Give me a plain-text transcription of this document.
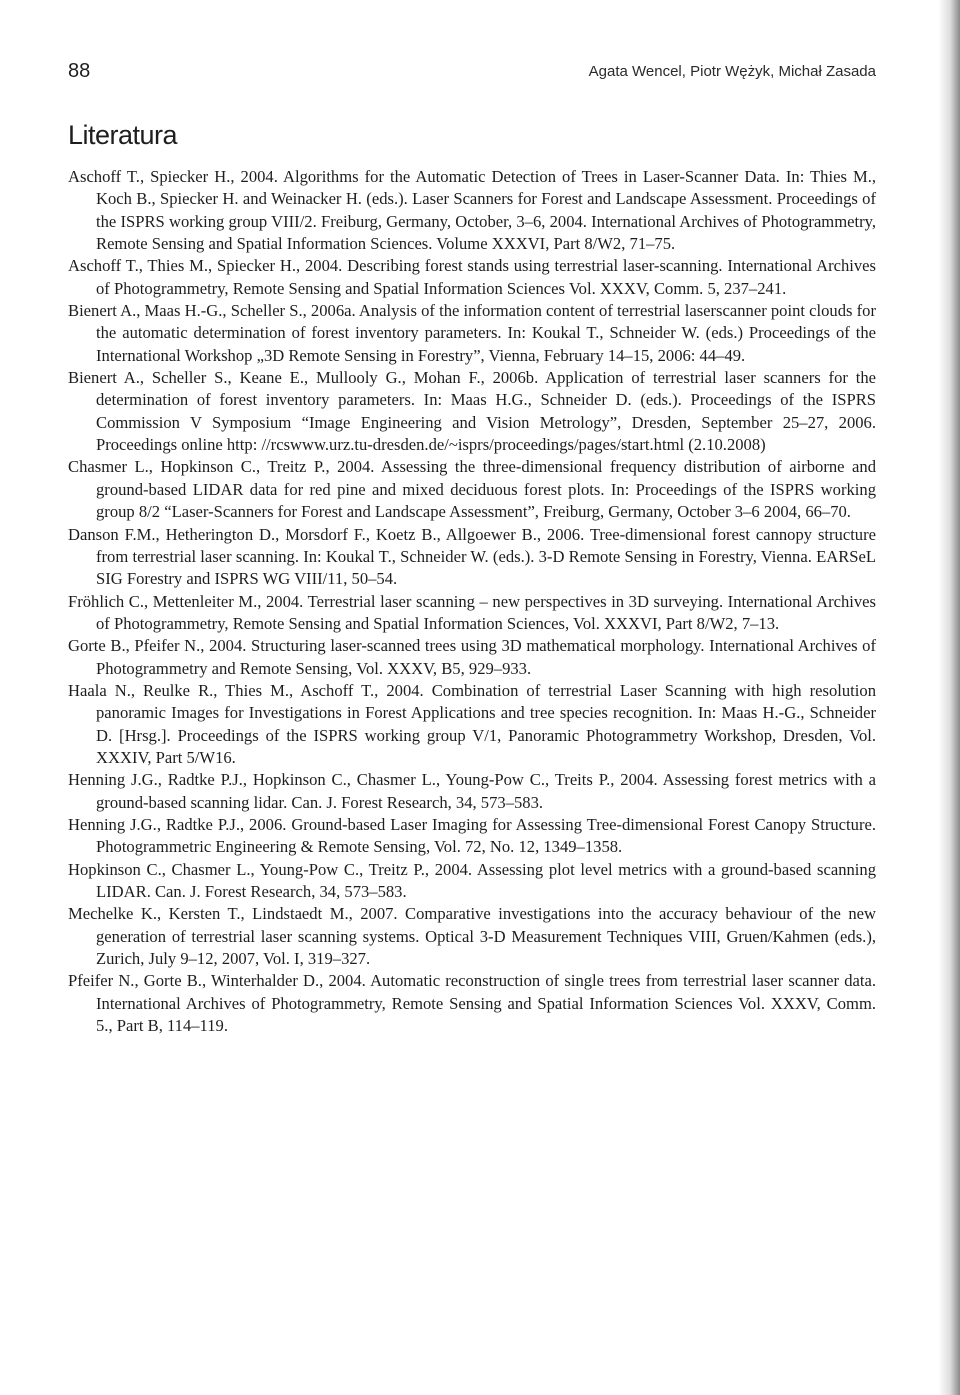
88	Agata Wencel, Piotr Wężyk, Michał Zasada
Literatura
Aschoff T., Spiecker H., 2004. Algorithms for the Automatic Detection of Trees in Laser-Scanner Data. In: Thies M., Koch B., Spiecker H. and Weinacker H. (eds.). Laser Scanners for Forest and Landscape Assessment. Proceedings of the ISPRS working group VIII/2. Freiburg, Germany, October, 3–6, 2004. International Archives of Photogrammetry, Remote Sensing and Spatial Information Sciences. Volume XXXVI, Part 8/W2, 71–75.
Aschoff T., Thies M., Spiecker H., 2004. Describing forest stands using terrestrial laser-scanning. International Archives of Photogrammetry, Remote Sensing and Spatial Information Sciences Vol. XXXV, Comm. 5, 237–241.
Bienert A., Maas H.-G., Scheller S., 2006a. Analysis of the information content of terrestrial laserscanner point clouds for the automatic determination of forest inventory parameters. In: Koukal T., Schneider W. (eds.) Proceedings of the International Workshop „3D Remote Sensing in Forestry”, Vienna, February 14–15, 2006: 44–49.
Bienert A., Scheller S., Keane E., Mullooly G., Mohan F., 2006b. Application of terrestrial laser scanners for the determination of forest inventory parameters. In: Maas H.G., Schneider D. (eds.). Proceedings of the ISPRS Commission V Symposium “Image Engineering and Vision Metrology”, Dresden, September 25–27, 2006. Proceedings online http: //rcswww.urz.tu-dresden.de/~isprs/proceedings/pages/start.html (2.10.2008)
Chasmer L., Hopkinson C., Treitz P., 2004. Assessing the three-dimensional frequency distribution of airborne and ground-based LIDAR data for red pine and mixed deciduous forest plots. In: Proceedings of the ISPRS working group 8/2 “Laser-Scanners for Forest and Landscape Assessment”, Freiburg, Germany, October 3–6 2004, 66–70.
Danson F.M., Hetherington D., Morsdorf F., Koetz B., Allgoewer B., 2006. Tree-dimensional forest cannopy structure from terrestrial laser scanning. In: Koukal T., Schneider W. (eds.). 3-D Remote Sensing in Forestry, Vienna. EARSeL SIG Forestry and ISPRS WG VIII/11, 50–54.
Fröhlich C., Mettenleiter M., 2004. Terrestrial laser scanning – new perspectives in 3D surveying. International Archives of Photogrammetry, Remote Sensing and Spatial Information Sciences, Vol. XXXVI, Part 8/W2, 7–13.
Gorte B., Pfeifer N., 2004. Structuring laser-scanned trees using 3D mathematical morphology. International Archives of Photogrammetry and Remote Sensing, Vol. XXXV, B5, 929–933.
Haala N., Reulke R., Thies M., Aschoff T., 2004. Combination of terrestrial Laser Scanning with high resolution panoramic Images for Investigations in Forest Applications and tree species recognition. In: Maas H.-G., Schneider D. [Hrsg.]. Proceedings of the ISPRS working group V/1, Panoramic Photogrammetry Workshop, Dresden, Vol. XXXIV, Part 5/W16.
Henning J.G., Radtke P.J., Hopkinson C., Chasmer L., Young-Pow C., Treits P., 2004. Assessing forest metrics with a ground-based scanning lidar. Can. J. Forest Research, 34, 573–583.
Henning J.G., Radtke P.J., 2006. Ground-based Laser Imaging for Assessing Tree-dimensional Forest Canopy Structure. Photogrammetric Engineering & Remote Sensing, Vol. 72, No. 12, 1349–1358.
Hopkinson C., Chasmer L., Young-Pow C., Treitz P., 2004. Assessing plot level metrics with a ground-based scanning LIDAR. Can. J. Forest Research, 34, 573–583.
Mechelke K., Kersten T., Lindstaedt M., 2007. Comparative investigations into the accuracy behaviour of the new generation of terrestrial laser scanning systems. Optical 3-D Measurement Techniques VIII, Gruen/Kahmen (eds.), Zurich, July 9–12, 2007, Vol. I, 319–327.
Pfeifer N., Gorte B., Winterhalder D., 2004. Automatic reconstruction of single trees from terrestrial laser scanner data. International Archives of Photogrammetry, Remote Sensing and Spatial Information Sciences Vol. XXXV, Comm. 5., Part B, 114–119.
